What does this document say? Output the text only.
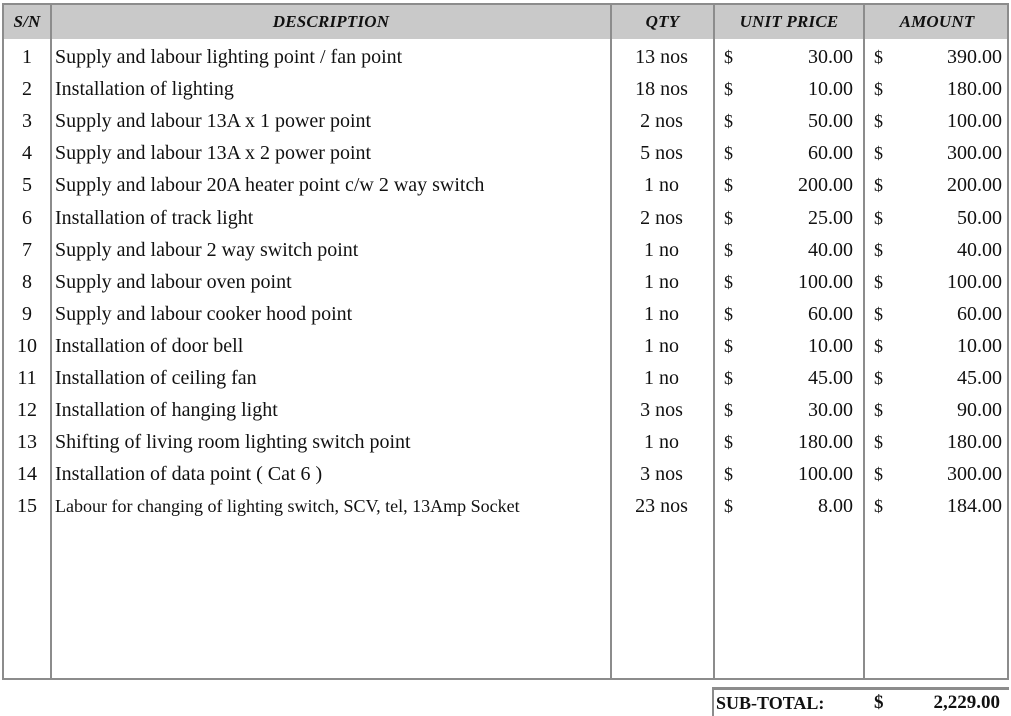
S/N	DESCRIPTION	QTY	UNIT PRICE	AMOUNT
1	Supply and labour lighting point / fan point	13 nos	$	30.00 $	390.00
2	Installation of lighting	18 nos	$	10.00 $	180.00
3	Supply and labour 13A x 1 power point	2 nos	$	50.00 $	100.00
4	Supply and labour 13A x 2 power point	5 nos	$	60.00 $	300.00
5	Supply and labour 20A heater point c/w 2 way switch	1 no	$	200.00 $	200.00
6	Installation of track light	2 nos	$	25.00 $	50.00
7	Supply and labour 2 way switch point	1 no	$	40.00 $	40.00
8	Supply and labour oven point	1 no	$	100.00 $	100.00
9	Supply and labour cooker hood point	1 no	$	60.00 $	60.00
10 Installation of door bell	1 no	$	10.00 $	10.00
11 Installation of ceiling fan	1 no	$	45.00 $	45.00
12 Installation of hanging light	3 nos	$	30.00 $	90.00
13 Shifting of living room lighting switch point	1 no	$	180.00 $	180.00
14 Installation of data point ( Cat 6 )	3 nos	$	100.00 $	300.00
15	Labour for changing of lighting switch, SCV, tel, 13Amp Socket	23 nos	$	8.00 $	184.00
SUB-TOTAL:	$	2,229.00
